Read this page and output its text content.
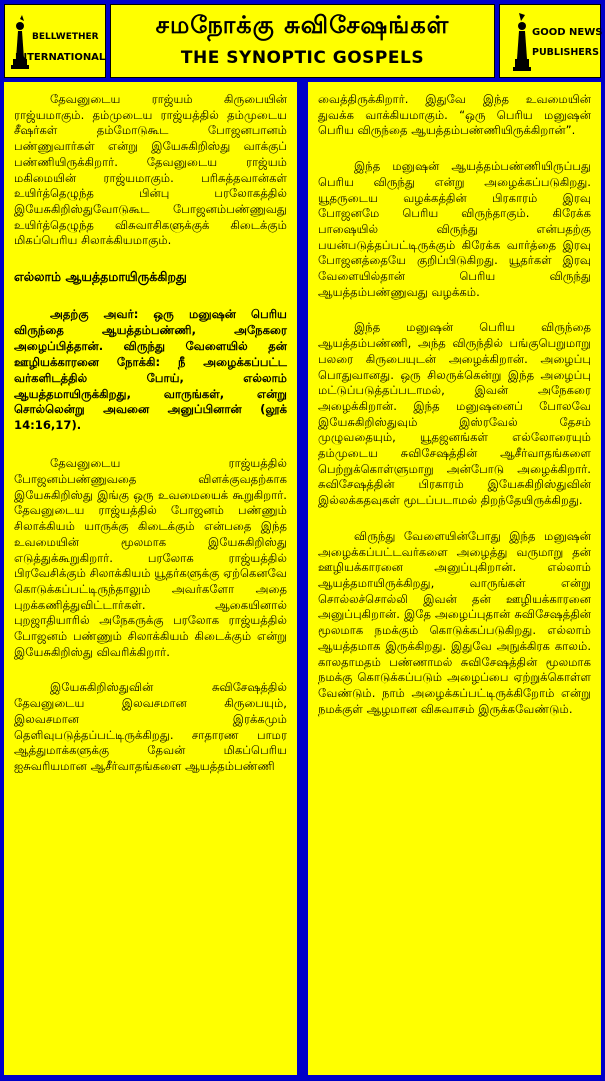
BELLWETHER
INTERNATIONAL
சமநோக்கு சுவிசேஷங்கள்
THE SYNOPTIC GOSPELS
GOOD NEWS
PUBLISHERS

தேவனுடைய ராஜ்யம் கிருபையின் ராஜ்யமாகும். தம்முடைய ராஜ்யத்தில் தம்முடைய சீஷர்கள் தம்மோடுகூட போஜனபானம் பண்ணுவார்கள் என்று இயேசுகிறிஸ்து வாக்குப் பண்ணியிருக்கிறார். தேவனுடைய ராஜ்யம் மகிமையின் ராஜ்யமாகும். பரிசுத்தவான்கள் உயிர்த்தெழுந்த பின்பு பரலோகத்தில் இயேசுகிறிஸ்துவோடுகூட போஜனம்பண்ணுவது உயிர்த்தெழுந்த விசுவாசிகளுக்குக் கிடைக்கும் மிகப்பெரிய சிலாக்கியமாகும்.

எல்லாம் ஆயத்தமாயிருக்கிறது

அதற்கு அவர்: ஒரு மனுஷன் பெரிய விருந்தை ஆயத்தம்பண்ணி, அநேகரை அழைப்பித்தான். விருந்து வேளையில் தன் ஊழியக்காரனை நோக்கி: நீ அழைக்கப்பட்ட வர்களிடத்தில் போய், எல்லாம் ஆயத்தமாயிருக்கிறது, வாருங்கள், என்று சொல்லென்று அவனை அனுப்பினான் (லூக் 14:16,17).

தேவனுடைய ராஜ்யத்தில் போஜனம்பண்ணுவதை விளக்குவதற்காக இயேசுகிறிஸ்து இங்கு ஒரு உவமையைக் கூறுகிறார். தேவனுடைய ராஜ்யத்தில் போஜனம் பண்ணும் சிலாக்கியம் யாருக்கு கிடைக்கும் என்பதை இந்த உவமையின் மூலமாக இயேசுகிறிஸ்து எடுத்துக்கூறுகிறார். பரலோக ராஜ்யத்தில் பிரவேசிக்கும் சிலாக்கியம் யூதர்களுக்கு ஏற்கெனவே கொடுக்கப்பட்டிருந்தாலும் அவர்களோ அதை புறக்கணித்துவிட்டார்கள். ஆகையினால் புறஜாதியாரில் அநேகருக்கு பரலோக ராஜ்யத்தில் போஜனம் பண்ணும் சிலாக்கியம் கிடைக்கும் என்று இயேசுகிறிஸ்து விவரிக்கிறார்.

இயேசுகிறிஸ்துவின் சுவிசேஷத்தில் தேவனுடைய இலவசமான கிருபையும், இலவசமான இரக்கமும் தெளிவுபடுத்தப்பட்டிருக்கிறது. சாதாரண பாமர ஆத்துமாக்களுக்கு தேவன் மிகப்பெரிய ஐசுவரியமான ஆசீர்வாதங்களை ஆயத்தம்பண்ணி

வைத்திருக்கிறார். இதுவே இந்த உவமையின் துவக்க வாக்கியமாகும். “ஒரு பெரிய மனுஷன் பெரிய விருந்தை ஆயத்தம்பண்ணியிருக்கிறான்”.

இந்த மனுஷன் ஆயத்தம்பண்ணியிருப்பது பெரிய விருந்து என்று அழைக்கப்படுகிறது. யூதருடைய வழக்கத்தின் பிரகாரம் இரவு போஜனமே பெரிய விருந்தாகும். கிரேக்க பாஷையில் விருந்து என்பதற்கு பயன்படுத்தப்பட்டிருக்கும் கிரேக்க வார்த்தை இரவு போஜனத்தையே குறிப்பிடுகிறது. யூதர்கள் இரவு வேளையில்தான் பெரிய விருந்து ஆயத்தம்பண்ணுவது வழக்கம்.

இந்த மனுஷன் பெரிய விருந்தை ஆயத்தம்பண்ணி, அந்த விருந்தில் பங்குபெறுமாறு பலரை கிருபையுடன் அழைக்கிறான். அழைப்பு பொதுவானது. ஒரு சிலருக்கென்று இந்த அழைப்பு மட்டுப்படுத்தப்படாமல், இவன் அநேகரை அழைக்கிறான். இந்த மனுஷனைப் போலவே இயேசுகிறிஸ்துவும் இஸ்ரவேல் தேசம் முழுவதையும், யூதஜனங்கள் எல்லோரையும் தம்முடைய சுவிசேஷத்தின் ஆசீர்வாதங்களை பெற்றுக்கொள்ளுமாறு அன்போடு அழைக்கிறார். சுவிசேஷத்தின் பிரகாரம் இயேசுகிறிஸ்துவின் இல்லக்கதவுகள் மூடப்படாமல் திறந்தேயிருக்கிறது.

விருந்து வேளையின்போது இந்த மனுஷன் அழைக்கப்பட்டவர்களை அழைத்து வருமாறு தன் ஊழியக்காரனை அனுப்புகிறான். எல்லாம் ஆயத்தமாயிருக்கிறது, வாருங்கள் என்று சொல்லச்சொல்லி இவன் தன் ஊழியக்காரனை அனுப்புகிறான். இதே அழைப்புதான் சுவிசேஷத்தின் மூலமாக நமக்கும் கொடுக்கப்படுகிறது. எல்லாம் ஆயத்தமாக இருக்கிறது. இதுவே அநுக்கிரக காலம். காலதாமதம் பண்ணாமல் சுவிசேஷத்தின் மூலமாக நமக்கு கொடுக்கப்படும் அழைப்பை ஏற்றுக்கொள்ள வேண்டும். நாம் அழைக்கப்பட்டிருக்கிறோம் என்று நமக்குள் ஆழமான விசுவாசம் இருக்கவேண்டும்.
